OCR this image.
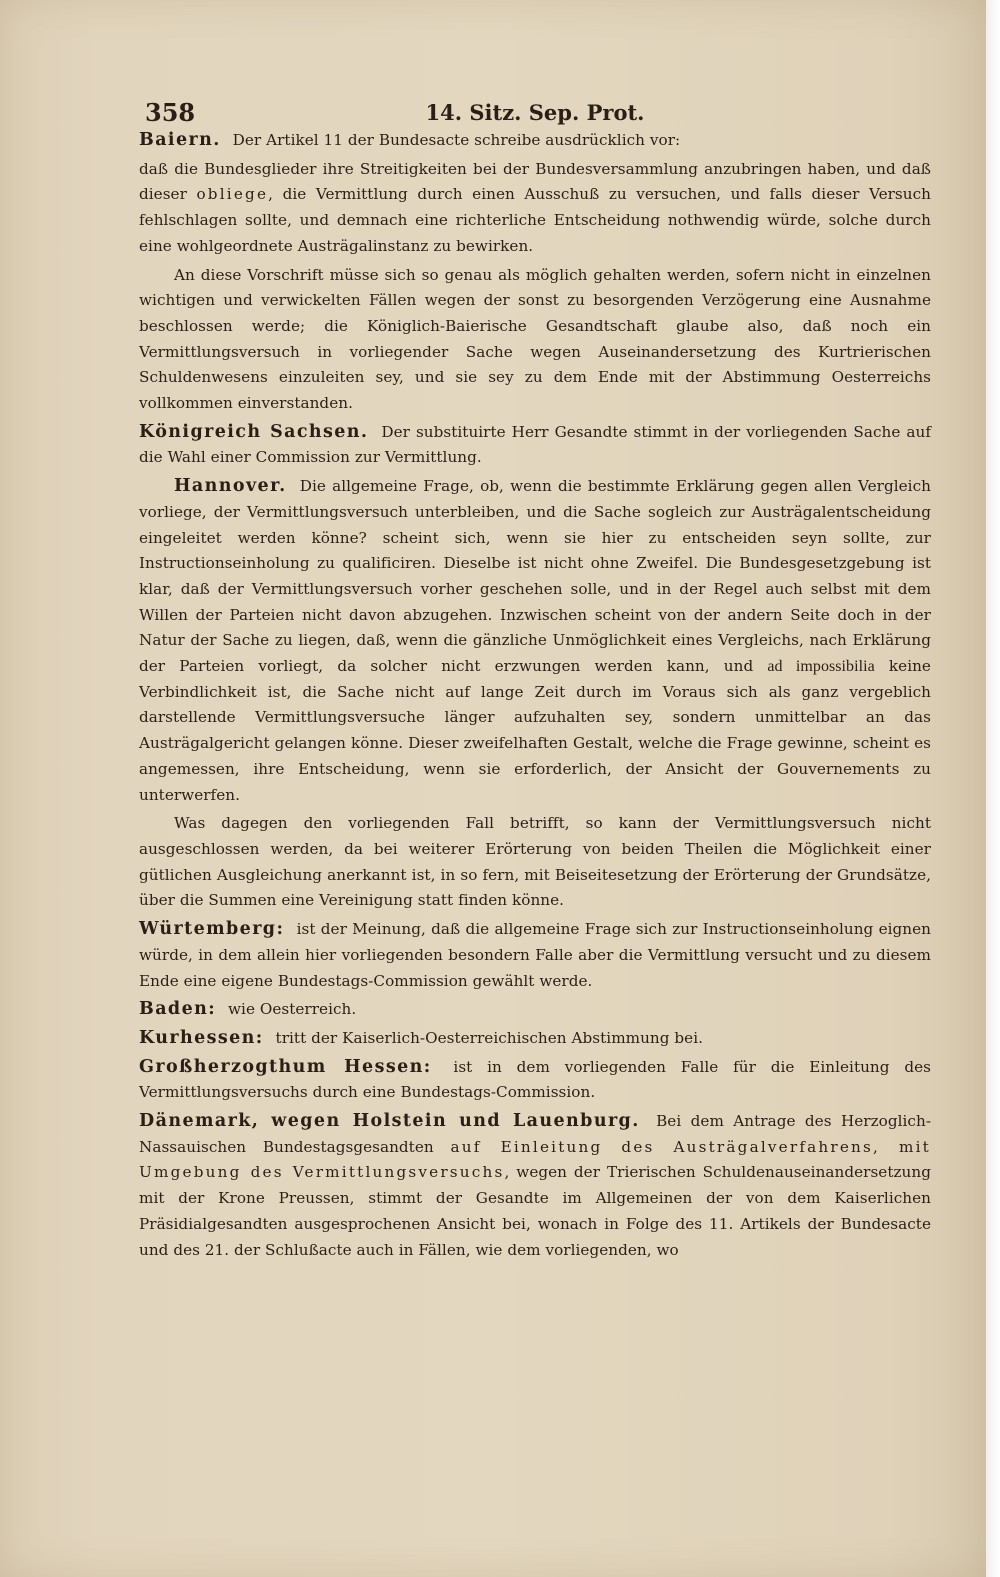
358	14. Sitz. Sep. Prot.

Baiern. Der Artikel 11 der Bundesacte schreibe ausdrücklich vor:

daß die Bundesglieder ihre Streitigkeiten bei der Bundesversammlung anzubringen haben, und daß dieser obliege, die Vermittlung durch einen Ausschuß zu versuchen, und falls dieser Versuch fehlschlagen sollte, und demnach eine richterliche Entscheidung nothwendig würde, solche durch eine wohlgeordnete Austrägalinstanz zu bewirken.

An diese Vorschrift müsse sich so genau als möglich gehalten werden, sofern nicht in einzelnen wichtigen und verwickelten Fällen wegen der sonst zu besorgenden Verzögerung eine Ausnahme beschlossen werde; die Königlich-Baierische Gesandtschaft glaube also, daß noch ein Vermittlungsversuch in vorliegender Sache wegen Auseinandersetzung des Kurtrierischen Schuldenwesens einzuleiten sey, und sie sey zu dem Ende mit der Abstimmung Oesterreichs vollkommen einverstanden.

Königreich Sachsen. Der substituirte Herr Gesandte stimmt in der vorliegenden Sache auf die Wahl einer Commission zur Vermittlung.

Hannover. Die allgemeine Frage, ob, wenn die bestimmte Erklärung gegen allen Vergleich vorliege, der Vermittlungsversuch unterbleiben, und die Sache sogleich zur Austrägalentscheidung eingeleitet werden könne? scheint sich, wenn sie hier zu entscheiden seyn sollte, zur Instructionseinholung zu qualificiren. Dieselbe ist nicht ohne Zweifel. Die Bundesgesetzgebung ist klar, daß der Vermittlungsversuch vorher geschehen solle, und in der Regel auch selbst mit dem Willen der Parteien nicht davon abzugehen. Inzwischen scheint von der andern Seite doch in der Natur der Sache zu liegen, daß, wenn die gänzliche Unmöglichkeit eines Vergleichs, nach Erklärung der Parteien vorliegt, da solcher nicht erzwungen werden kann, und ad impossibilia keine Verbindlichkeit ist, die Sache nicht auf lange Zeit durch im Voraus sich als ganz vergeblich darstellende Vermittlungsversuche länger aufzuhalten sey, sondern unmittelbar an das Austrägalgericht gelangen könne. Dieser zweifelhaften Gestalt, welche die Frage gewinne, scheint es angemessen, ihre Entscheidung, wenn sie erforderlich, der Ansicht der Gouvernements zu unterwerfen.

Was dagegen den vorliegenden Fall betrifft, so kann der Vermittlungsversuch nicht ausgeschlossen werden, da bei weiterer Erörterung von beiden Theilen die Möglichkeit einer gütlichen Ausgleichung anerkannt ist, in so fern, mit Beiseitesetzung der Erörterung der Grundsätze, über die Summen eine Vereinigung statt finden könne.

Würtemberg: ist der Meinung, daß die allgemeine Frage sich zur Instructionseinholung eignen würde, in dem allein hier vorliegenden besondern Falle aber die Vermittlung versucht und zu diesem Ende eine eigene Bundestags-Commission gewählt werde.

Baden: wie Oesterreich.

Kurhessen: tritt der Kaiserlich-Oesterreichischen Abstimmung bei.

Großherzogthum Hessen: ist in dem vorliegenden Falle für die Einleitung des Vermittlungsversuchs durch eine Bundestags-Commission.

Dänemark, wegen Holstein und Lauenburg. Bei dem Antrage des Herzoglich-Nassauischen Bundestagsgesandten auf Einleitung des Austrägalverfahrens, mit Umgebung des Vermittlungsversuchs, wegen der Trierischen Schuldenauseinandersetzung mit der Krone Preussen, stimmt der Gesandte im Allgemeinen der von dem Kaiserlichen Präsidialgesandten ausgesprochenen Ansicht bei, wonach in Folge des 11. Artikels der Bundesacte und des 21. der Schlußacte auch in Fällen, wie dem vorliegenden, wo
